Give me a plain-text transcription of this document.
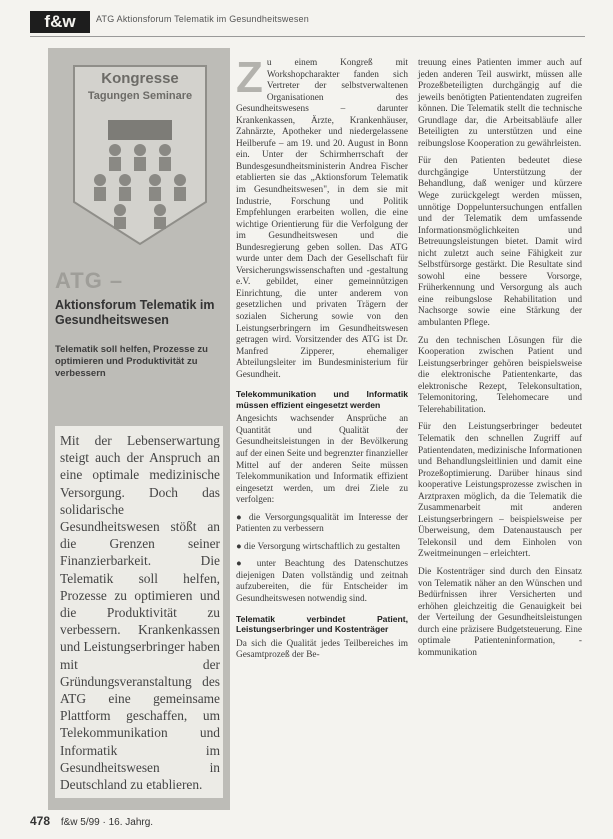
f&w	ATG Aktionsforum Telematik im Gesundheitswesen
Kongresse
Tagungen Seminare
ATG –
Aktionsforum Telematik im Gesundheitswesen
Telematik soll helfen, Prozesse zu optimieren und Produktivität zu verbessern
Mit der Lebenserwartung steigt auch der Anspruch an eine optimale medizinische Versorgung. Doch das solidarische Gesundheitswesen stößt an die Grenzen seiner Finanzierbarkeit. Die Telematik soll helfen, Prozesse zu optimieren und die Produktivität zu verbessern. Krankenkassen und Leistungserbringer haben mit der Gründungsveranstaltung des ATG eine gemeinsame Plattform geschaffen, um Telekommunikation und Informatik im Gesundheitswesen in Deutschland zu etablieren.

Zu einem Kongreß mit Workshopcharakter fanden sich Vertreter der selbstverwaltenen Organisationen des Gesundheitswesens – darunter Krankenkassen, Ärzte, Krankenhäuser, Zahnärzte, Apotheker und niedergelassene Heilberufe – am 19. und 20. August in Bonn ein. Unter der Schirmherrschaft der Bundesgesundheitsministerin Andrea Fischer etablierten sie das „Aktionsforum Telematik im Gesundheitswesen", in dem sie mit Industrie, Forschung und Politik Empfehlungen erarbeiten wollen, die eine wichtige Orientierung für die Verfolgung der im Gesundheitswesen und die Bundesregierung geben sollen. Das ATG wurde unter dem Dach der Gesellschaft für Versicherungswissenschaften und -gestaltung e.V. gebildet, einer gemeinnützigen Einrichtung, die unter anderem von gesetzlichen und privaten Trägern der sozialen Sicherung sowie von den Leistungserbringern im Gesundheitswesen getragen wird. Vorsitzender des ATG ist Dr. Manfred Zipperer, ehemaliger Abteilungsleiter im Bundesministerium für Gesundheit.

Telekommunikation und Informatik müssen effizient eingesetzt werden

Angesichts wachsender Ansprüche an Quantität und Qualität der Gesundheitsleistungen in der Bevölkerung auf der einen Seite und begrenzter finanzieller Mittel auf der anderen Seite müssen Telekommunikation und Informatik effizient eingesetzt werden, um drei Ziele zu verfolgen:

● die Versorgungsqualität im Interesse der Patienten zu verbessern

● die Versorgung wirtschaftlich zu gestalten

● unter Beachtung des Datenschutzes diejenigen Daten vollständig und zeitnah aufzubereiten, die für Entscheider im Gesundheitswesen notwendig sind.

Telematik verbindet Patient, Leistungserbringer und Kostenträger

Da sich die Qualität jedes Teilbereiches im Gesamtprozeß der Be-

treuung eines Patienten immer auch auf jeden anderen Teil auswirkt, müssen alle Prozeßbeteiligten durchgängig auf die jeweils benötigten Patientendaten zugreifen können. Die Telematik stellt die technische Grundlage dar, die Arbeitsabläufe aller Beteiligten zu unterstützen und eine reibungslose Kooperation zu gewährleisten.

Für den Patienten bedeutet diese durchgängige Unterstützung der Behandlung, daß weniger und kürzere Wege zurückgelegt werden müssen, unnötige Doppeluntersuchungen entfallen und der Telematik dem umfassende Informationsmöglichkeiten und Betreuungsleistungen bietet. Damit wird nicht zuletzt auch seine Fähigkeit zur Selbstfürsorge gestärkt. Die Resultate sind sowohl eine bessere Vorsorge, Früherkennung und Versorgung als auch eine reibungslose Rehabilitation und Nachsorge sowie eine Stärkung der ambulanten Pflege.

Zu den technischen Lösungen für die Kooperation zwischen Patient und Leistungserbringer gehören beispielsweise die elektronische Patientenkarte, das elektronische Rezept, Telekonsultation, Telemonitoring, Telehomecare und Telerehabilitation.

Für den Leistungserbringer bedeutet Telematik den schnellen Zugriff auf Patientendaten, medizinische Informationen und Behandlungsleitlinien und damit eine Prozeßoptimierung. Darüber hinaus sind kooperative Leistungsprozesse zwischen in Arztpraxen möglich, da die Telematik die Zusammenarbeit mit anderen Leistungserbringern – beispielsweise per Überweisung, dem Datenaustausch per Telekonsil und dem Einholen von Zweitmeinungen – erleichtert.

Die Kostenträger sind durch den Einsatz von Telematik näher an den Wünschen und Bedürfnissen ihrer Versicherten und erhöhen gleichzeitig die Genauigkeit bei der Verteilung der Gesundheitsleistungen durch eine präzisere Budgetsteuerung. Eine optimale Patienteninformation, -kommunikation

478 f&w 5/99 · 16. Jahrg.
